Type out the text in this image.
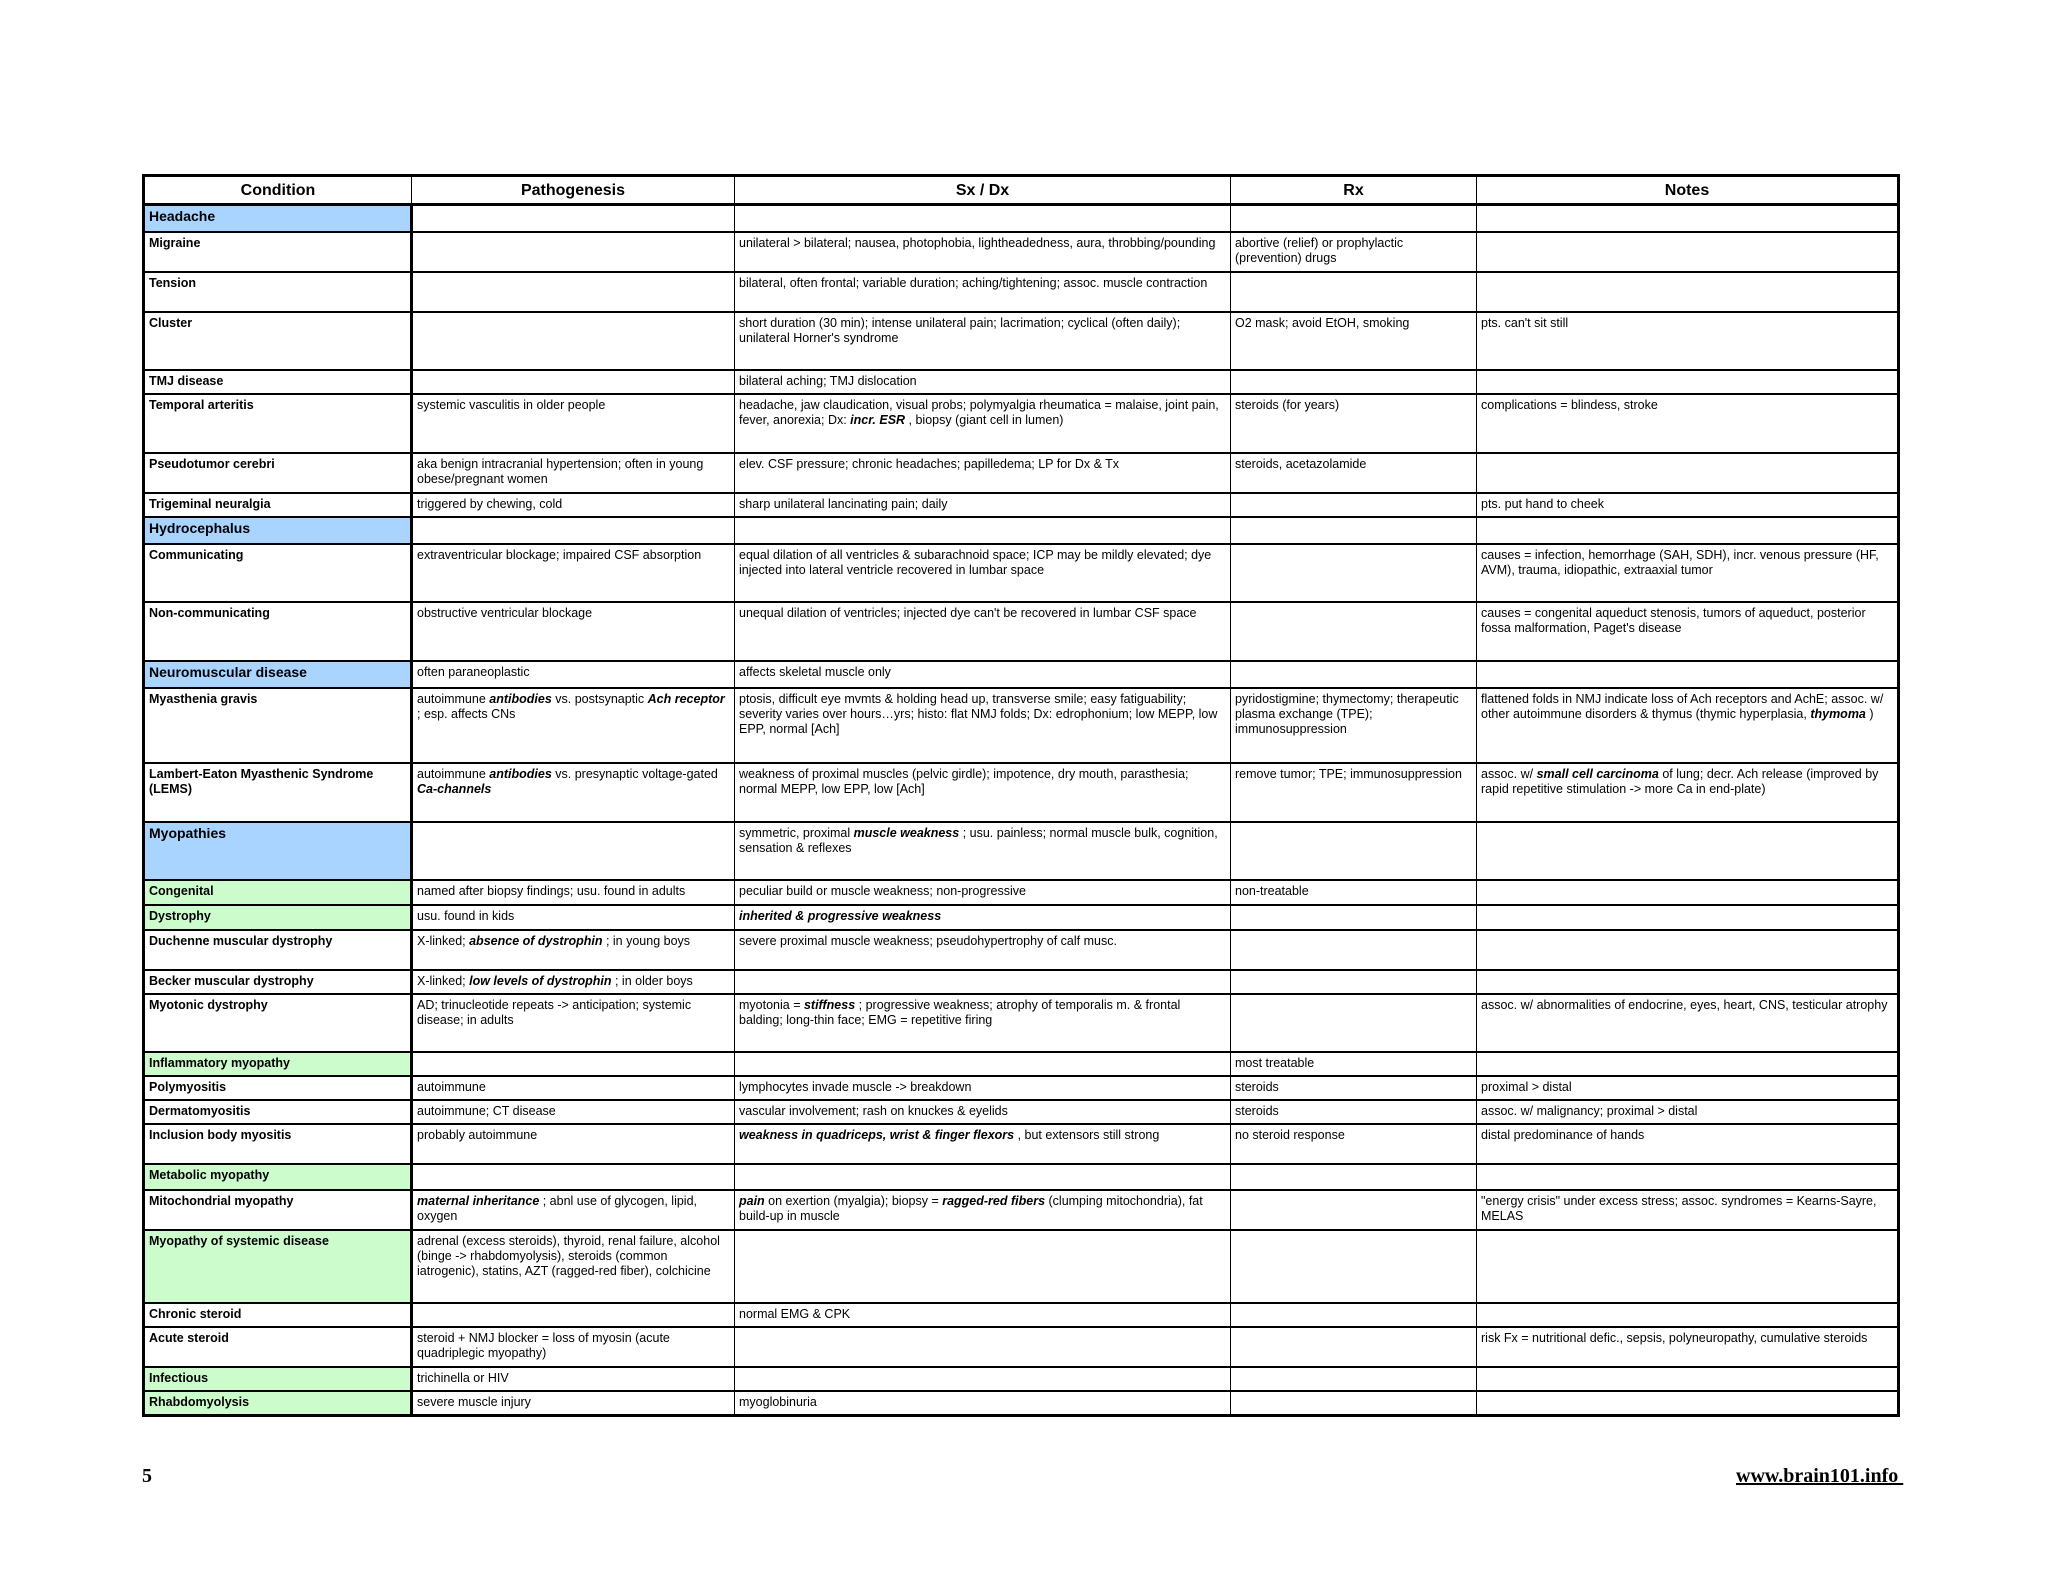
Condition	Pathogenesis	Sx / Dx	Rx	Notes
Headache				
Migraine		unilateral > bilateral; nausea, photophobia, lightheadedness, aura, throbbing/pounding	abortive (relief) or prophylactic (prevention) drugs	
Tension		bilateral, often frontal; variable duration; aching/tightening; assoc. muscle contraction		
Cluster		short duration (30 min); intense unilateral pain; lacrimation; cyclical (often daily); unilateral Horner's syndrome	O2 mask; avoid EtOH, smoking	pts. can't sit still
TMJ disease		bilateral aching; TMJ dislocation		
Temporal arteritis	systemic vasculitis in older people	headache, jaw claudication, visual probs; polymyalgia rheumatica = malaise, joint pain, fever, anorexia; Dx: incr. ESR , biopsy (giant cell in lumen)	steroids (for years)	complications = blindess, stroke
Pseudotumor cerebri	aka benign intracranial hypertension; often in young obese/pregnant women	elev. CSF pressure; chronic headaches; papilledema; LP for Dx & Tx	steroids, acetazolamide	
Trigeminal neuralgia	triggered by chewing, cold	sharp unilateral lancinating pain; daily		pts. put hand to cheek
Hydrocephalus				
Communicating	extraventricular blockage; impaired CSF absorption	equal dilation of all ventricles & subarachnoid space; ICP may be mildly elevated; dye injected into lateral ventricle recovered in lumbar space		causes = infection, hemorrhage (SAH, SDH), incr. venous pressure (HF, AVM), trauma, idiopathic, extraaxial tumor
Non-communicating	obstructive ventricular blockage	unequal dilation of ventricles; injected dye can't be recovered in lumbar CSF space		causes = congenital aqueduct stenosis, tumors of aqueduct, posterior fossa malformation, Paget's disease
Neuromuscular disease	often paraneoplastic	affects skeletal muscle only		
Myasthenia gravis	autoimmune antibodies vs. postsynaptic Ach receptor ; esp. affects CNs	ptosis, difficult eye mvmts & holding head up, transverse smile; easy fatiguability; severity varies over hours…yrs; histo: flat NMJ folds; Dx: edrophonium; low MEPP, low EPP, normal [Ach]	pyridostigmine; thymectomy; therapeutic plasma exchange (TPE); immunosuppression	flattened folds in NMJ indicate loss of Ach receptors and AchE; assoc. w/ other autoimmune disorders & thymus (thymic hyperplasia, thymoma )
Lambert-Eaton Myasthenic Syndrome (LEMS)	autoimmune antibodies vs. presynaptic voltage-gated Ca-channels	weakness of proximal muscles (pelvic girdle); impotence, dry mouth, parasthesia; normal MEPP, low EPP, low [Ach]	remove tumor; TPE; immunosuppression	assoc. w/ small cell carcinoma of lung; decr. Ach release (improved by rapid repetitive stimulation -> more Ca in end-plate)
Myopathies		symmetric, proximal muscle weakness ; usu. painless; normal muscle bulk, cognition, sensation & reflexes		
Congenital	named after biopsy findings; usu. found in adults	peculiar build or muscle weakness; non-progressive	non-treatable	
Dystrophy	usu. found in kids	inherited & progressive weakness		
Duchenne muscular dystrophy	X-linked; absence of dystrophin ; in young boys	severe proximal muscle weakness; pseudohypertrophy of calf musc.		
Becker muscular dystrophy	X-linked; low levels of dystrophin ; in older boys			
Myotonic dystrophy	AD; trinucleotide repeats -> anticipation; systemic disease; in adults	myotonia = stiffness ; progressive weakness; atrophy of temporalis m. & frontal balding; long-thin face; EMG = repetitive firing		assoc. w/ abnormalities of endocrine, eyes, heart, CNS, testicular atrophy
Inflammatory myopathy			most treatable	
Polymyositis	autoimmune	lymphocytes invade muscle -> breakdown	steroids	proximal > distal
Dermatomyositis	autoimmune; CT disease	vascular involvement; rash on knuckes & eyelids	steroids	assoc. w/ malignancy; proximal > distal
Inclusion body myositis	probably autoimmune	weakness in quadriceps, wrist & finger flexors , but extensors still strong	no steroid response	distal predominance of hands
Metabolic myopathy				
Mitochondrial myopathy	maternal inheritance ; abnl use of glycogen, lipid, oxygen	pain on exertion (myalgia); biopsy = ragged-red fibers (clumping mitochondria), fat build-up in muscle		"energy crisis" under excess stress; assoc. syndromes = Kearns-Sayre, MELAS
Myopathy of systemic disease	adrenal (excess steroids), thyroid, renal failure, alcohol (binge -> rhabdomyolysis), steroids (common iatrogenic), statins, AZT (ragged-red fiber), colchicine			
Chronic steroid		normal EMG & CPK		
Acute steroid	steroid + NMJ blocker = loss of myosin (acute quadriplegic myopathy)			risk Fx = nutritional defic., sepsis, polyneuropathy, cumulative steroids
Infectious	trichinella or HIV			
Rhabdomyolysis	severe muscle injury	myoglobinuria		
5	www.brain101.info
